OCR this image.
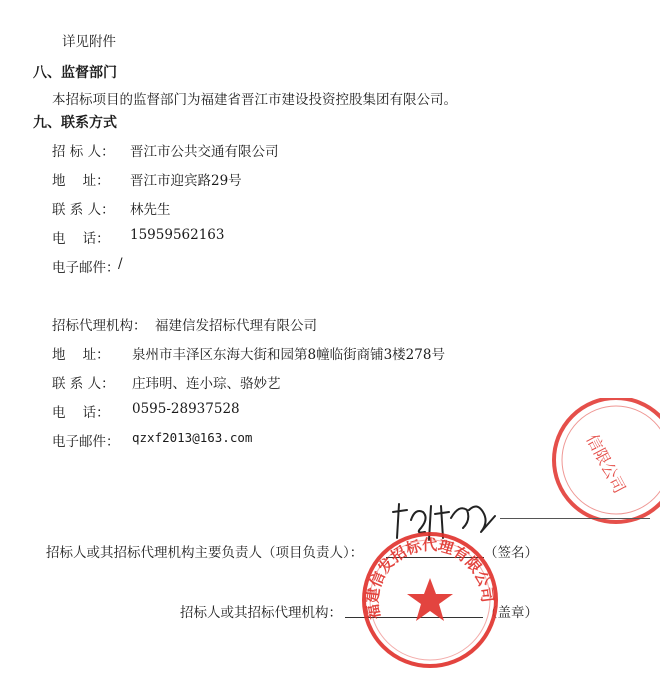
详见附件
八、监督部门
本招标项目的监督部门为福建省晋江市建设投资控股集团有限公司。
九、联系方式
招 标 人： 晋江市公共交通有限公司
地    址： 晋江市迎宾路29号
联 系 人： 林先生
电    话： 15959562163
电子邮件：
/
招标代理机构： 福建信发招标代理有限公司
地    址： 泉州市丰泽区东海大街和园第8幢临街商铺3楼278号
联 系 人： 庄玮明、连小琮、骆妙艺
电    话： 0595-28937528
电子邮件： qzxf2013@163.com	信限公司
招标人或其招标代理机构主要负责人（项目负责人）：	（签名）
招标人或其招标代理机构：	（盖章）
福建信发招标代理有限公司
